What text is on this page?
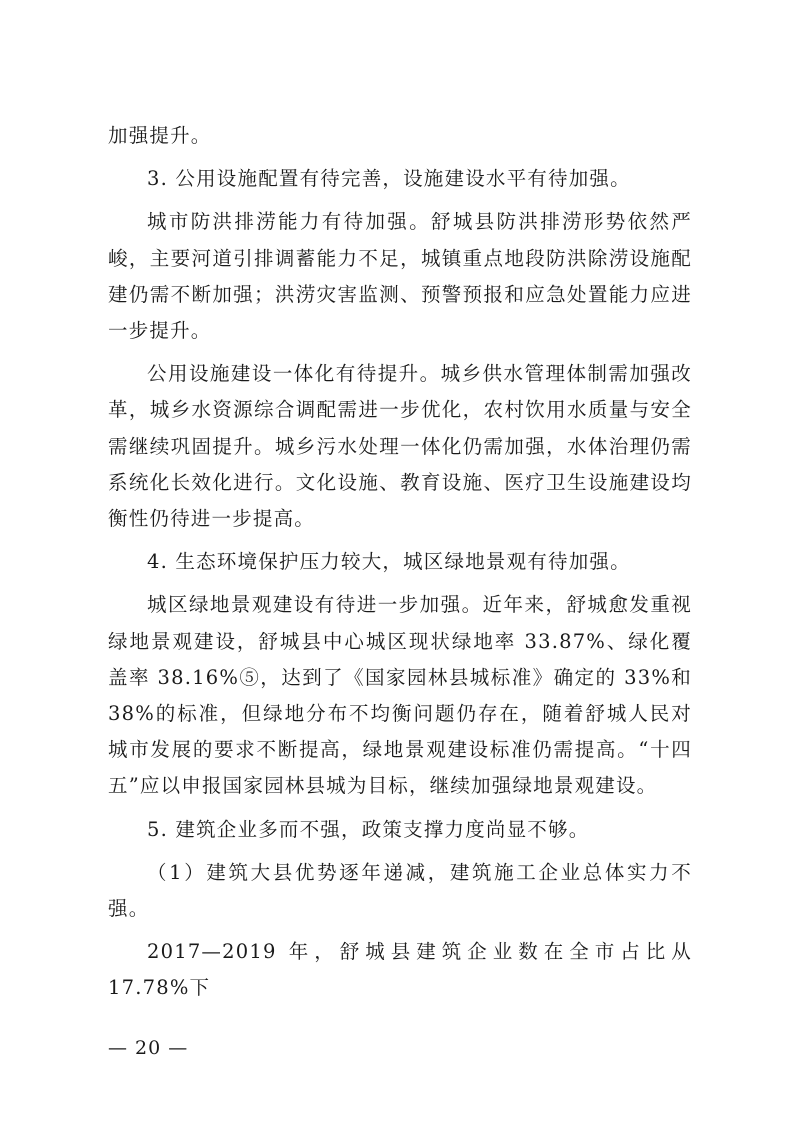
加强提升。

3. 公用设施配置有待完善，设施建设水平有待加强。

城市防洪排涝能力有待加强。舒城县防洪排涝形势依然严峻，主要河道引排调蓄能力不足，城镇重点地段防洪除涝设施配建仍需不断加强；洪涝灾害监测、预警预报和应急处置能力应进一步提升。

公用设施建设一体化有待提升。城乡供水管理体制需加强改革，城乡水资源综合调配需进一步优化，农村饮用水质量与安全需继续巩固提升。城乡污水处理一体化仍需加强，水体治理仍需系统化长效化进行。文化设施、教育设施、医疗卫生设施建设均衡性仍待进一步提高。

4. 生态环境保护压力较大，城区绿地景观有待加强。

城区绿地景观建设有待进一步加强。近年来，舒城愈发重视绿地景观建设，舒城县中心城区现状绿地率 33.87%、绿化覆盖率 38.16%⑤，达到了《国家园林县城标准》确定的 33%和 38%的标准，但绿地分布不均衡问题仍存在，随着舒城人民对城市发展的要求不断提高，绿地景观建设标准仍需提高。“十四五”应以申报国家园林县城为目标，继续加强绿地景观建设。

5. 建筑企业多而不强，政策支撑力度尚显不够。

（1）建筑大县优势逐年递减，建筑施工企业总体实力不强。

2017—2019 年，舒城县建筑企业数在全市占比从 17.78%下

— 20 —
